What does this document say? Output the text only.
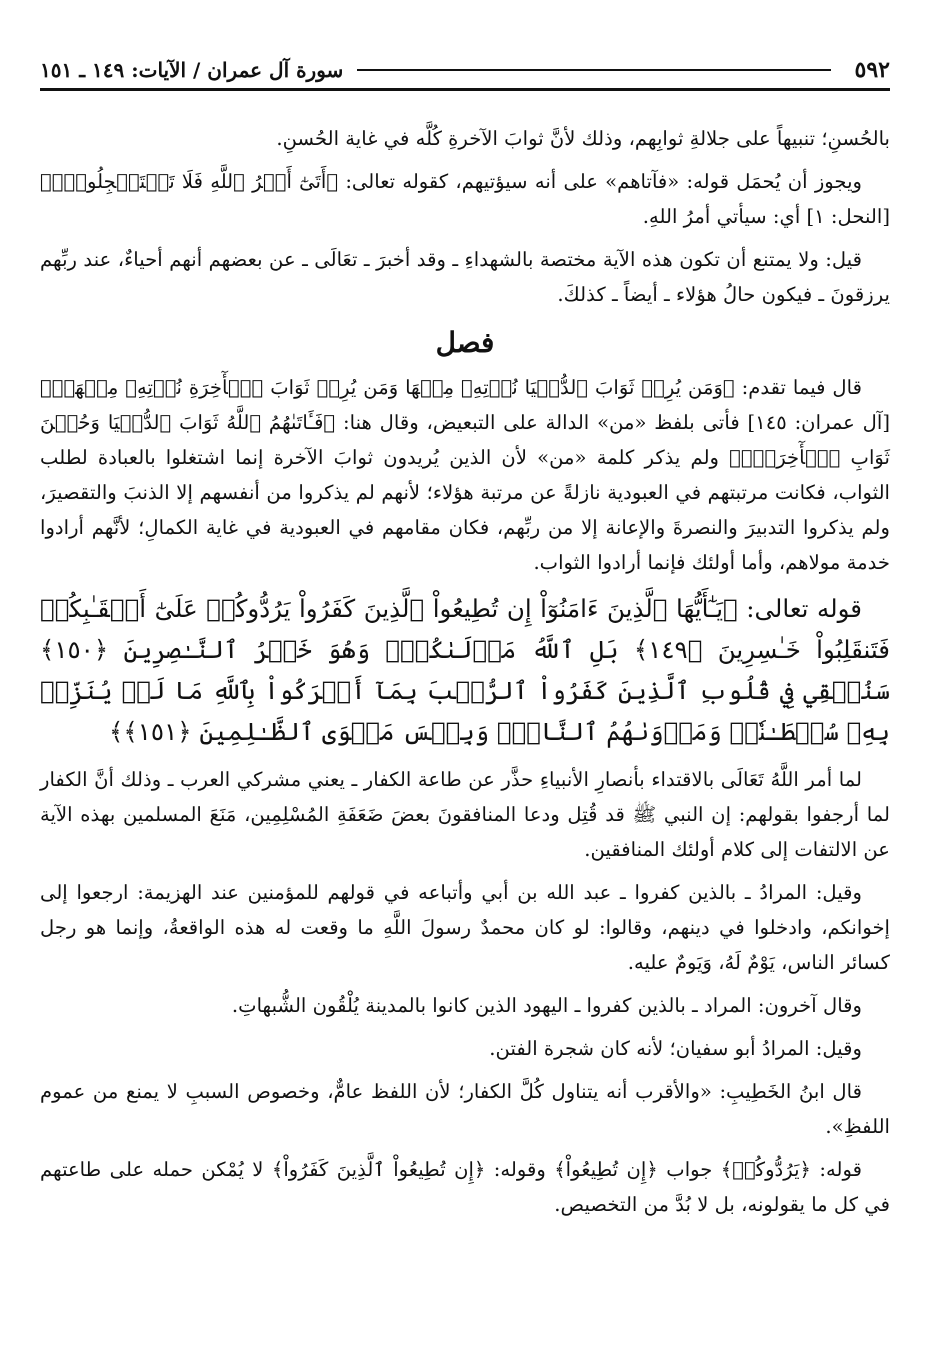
٥٩٢
سورة آل عمران / الآيات: ١٤٩ ـ ١٥١

بالحُسنِ؛ تنبيهاً على جلالةِ ثوابِهم، وذلك لأنَّ ثوابَ الآخرةِ كُلَّه في غاية الحُسنِ.

ويجوز أن يُحمَل قوله: «فآتاهم» على أنه سيؤتيهم، كقوله تعالى: ﴿أَتَىٰٓ أَمۡرُ ٱللَّهِ فَلَا تَسۡتَعۡجِلُوهُۚ﴾ [النحل: ١] أي: سيأتي أمرُ اللهِ.

قيل: ولا يمتنع أن تكون هذه الآية مختصة بالشهداءِ ـ وقد أخبرَ ـ تعَالَى ـ عن بعضهم أنهم أحياءٌ، عند ربِّهم يرزقونَ ـ فيكون حالُ هؤلاء ـ أيضاً ـ كذلكَ.

فصل

قال فيما تقدم: ﴿وَمَن يُرِدۡ ثَوَابَ ٱلدُّنۡيَا نُؤۡتِهِۦ مِنۡهَا وَمَن يُرِدۡ ثَوَابَ ٱلۡأٓخِرَةِ نُؤۡتِهِۦ مِنۡهَاۚ﴾ [آل عمران: ١٤٥] فأتى بلفظ «من» الدالة على التبعيض، وقال هنا: ﴿فَـَٔاتَىٰهُمُ ٱللَّهُ ثَوَابَ ٱلدُّنۡيَا وَحُسۡنَ ثَوَابِ ٱلۡأٓخِرَةِۗ﴾ ولم يذكر كلمة «من» لأن الذين يُريدون ثوابَ الآخرة إنما اشتغلوا بالعبادة لطلب الثواب، فكانت مرتبتهم في العبودية نازلةً عن مرتبة هؤلاء؛ لأنهم لم يذكروا من أنفسهم إلا الذنبَ والتقصيرَ، ولم يذكروا التدبيرَ والنصرةَ والإعانة إلا من ربِّهم، فكان مقامهم في العبودية في غاية الكمالِ؛ لأنَّهم أرادوا خدمة مولاهم، وأما أولئك فإنما أرادوا الثواب.

قوله تعالى: ﴿يَـٰٓأَيُّهَا ٱلَّذِينَ ءَامَنُوٓاْ إِن تُطِيعُواْ ٱلَّذِينَ كَفَرُواْ يَرُدُّوكُمۡ عَلَىٰٓ أَعۡقَـٰبِكُمۡ فَتَنقَلِبُواْ خَـٰسِرِينَ ﴿١٤٩﴾ بَلِ ٱللَّهُ مَوۡلَىٰكُمۡۖ وَهُوَ خَيۡرُ ٱلنَّـٰصِرِينَ ﴿١٥٠﴾ سَنُلۡقِي فِي قُلُوبِ ٱلَّذِينَ كَفَرُواْ ٱلرُّعۡبَ بِمَآ أَشۡرَكُواْ بِٱللَّهِ مَا لَمۡ يُنَزِّلۡ بِهِۦ سُلۡطَـٰنٗاۖ وَمَأۡوَىٰهُمُ ٱلنَّارُۖ وَبِئۡسَ مَثۡوَى ٱلظَّـٰلِمِينَ ﴿١٥١﴾﴾

لما أمر اللَّهُ تَعَالَى بالاقتداء بأنصارِ الأنبياءِ حذَّر عن طاعة الكفار ـ يعني مشركي العرب ـ وذلك أنَّ الكفار لما أرجفوا بقولهم: إن النبي ﷺ قد قُتِل ودعا المنافقونَ بعضَ ضَعَفَةِ المُسْلِمِين، مَنَعَ المسلمين بهذه الآية عن الالتفات إلى كلام أولئك المنافقين.

وقيل: المرادُ ـ بالذين كفروا ـ عبد الله بن أبي وأتباعه في قولهم للمؤمنين عند الهزيمة: ارجعوا إلى إخوانكم، وادخلوا في دينهم، وقالوا: لو كان محمدٌ رسولَ اللَّهِ ما وقعت له هذه الواقعةُ، وإنما هو رجل كسائر الناس، يَوْمٌ لَهُ، وَيَومٌ عليه.

وقال آخرون: المراد ـ بالذين كفروا ـ اليهود الذين كانوا بالمدينة يُلْقُون الشُّبهاتِ.

وقيل: المرادُ أبو سفيان؛ لأنه كان شجرة الفتن.

قال ابنُ الخَطِيبِ: «والأقرب أنه يتناول كُلَّ الكفار؛ لأن اللفظ عامٌّ، وخصوص السببِ لا يمنع من عموم اللفظِ».

قوله: ﴿يَرُدُّوكُمۡ﴾ جواب ﴿إِن تُطِيعُواْ﴾ وقوله: ﴿إِن تُطِيعُواْ ٱلَّذِينَ كَفَرُواْ﴾ لا يُمْكن حمله على طاعتهم في كل ما يقولونه، بل لا بُدَّ من التخصيص.
